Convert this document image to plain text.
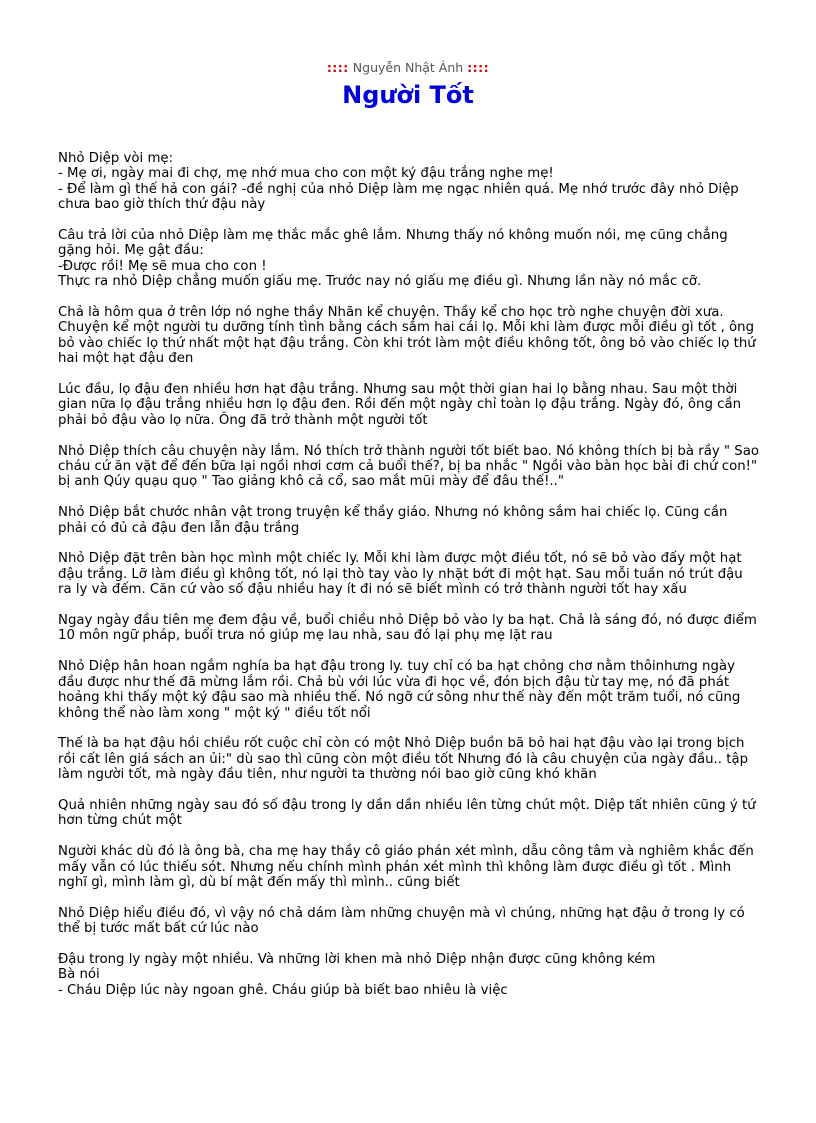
:::: Nguyễn Nhật Ánh ::::
Người Tốt

Nhỏ Diệp vòi mẹ:
- Mẹ ơi, ngày mai đi chợ, mẹ nhớ mua cho con một ký đậu trắng nghe mẹ!
- Để làm gì thế hả con gái? -đề nghị của nhỏ Diệp làm mẹ ngạc nhiên quá. Mẹ nhớ trước đây nhỏ Diệp chưa bao giờ thích thứ đậu này

Câu trả lời của nhỏ Diệp làm mẹ thắc mắc ghê lắm. Nhưng thấy nó không muốn nói, mẹ cũng chẳng gặng hỏi. Mẹ gật đầu:
-Được rồi! Mẹ sẽ mua cho con !
Thực ra nhỏ Diệp chẳng muốn giấu mẹ. Trước nay nó giấu mẹ điều gì. Nhưng lần này nó mắc cỡ.

Chả là hôm qua ở trên lớp nó nghe thầy Nhãn kể chuyện. Thầy kể cho học trò nghe chuyện đời xưa. Chuyện kể một người tu dưỡng tính tình bằng cách sắm hai cái lọ. Mỗi khi làm được mỗi điều gì tốt , ông bỏ vào chiếc lọ thứ nhất một hạt đậu trắng. Còn khi trót làm một điều không tốt, ông bỏ vào chiếc lọ thứ hai một hạt đậu đen

Lúc đầu, lọ đậu đen nhiều hơn hạt đậu trắng. Nhưng sau một thời gian hai lọ bằng nhau. Sau một thời gian nữa lọ đậu trắng nhiều hơn lọ đậu đen. Rồi đến một ngày chỉ toàn lọ đậu trắng. Ngày đó, ông cần phải bỏ đậu vào lọ nữa. Ông đã trở thành một người tốt

Nhỏ Diệp thích câu chuyện này lắm. Nó thích trở thành người tốt biết bao. Nó không thích bị bà rầy " Sao cháu cứ ăn vặt để đến bữa lại ngồi nhơi cơm cả buổi thế?, bị ba nhắc " Ngồi vào bàn học bài đi chứ con!" bị anh Qúy quạu quọ " Tao giảng khô cả cổ, sao mắt mũi mày để đâu thế!.."

Nhỏ Diệp bắt chước nhân vật trong truyện kể thầy giáo. Nhưng nó không sắm hai chiếc lọ. Cũng cần phải có đủ cả đậu đen lẫn đậu trắng

Nhỏ Diệp đặt trên bàn học mình một chiếc ly. Mỗi khi làm được một điều tốt, nó sẽ bỏ vào đấy một hạt đậu trắng. Lỡ làm điều gì không tốt, nó lại thò tay vào ly nhặt bớt đi một hạt. Sau mỗi tuần nó trút đậu ra ly và đếm. Căn cứ vào số đậu nhiều hay ít đi nó sẽ biết mình có trở thành người tốt hay xấu

Ngay ngày đầu tiên mẹ đem đậu về, buổi chiều nhỏ Diệp bỏ vào ly ba hạt. Chả là sáng đó, nó được điểm 10 môn ngữ pháp, buổi trưa nó giúp mẹ lau nhà, sau đó lại phụ mẹ lặt rau

Nhỏ Diệp hân hoan ngắm nghía ba hạt đậu trong ly. tuy chỉ có ba hạt chỏng chơ nằm thôinhưng ngày đầu được như thế đã mừng lắm rồi. Chả bù với lúc vừa đi học về, đón bịch đậu từ tay mẹ, nó đã phát hoảng khi thấy một ký đậu sao mà nhiều thế. Nó ngỡ cứ sông như thế này đến một trăm tuổi, nó cũng không thể nào làm xong " một ký " điều tốt nổi

Thế là ba hạt đậu hồi chiều rốt cuộc chỉ còn có một Nhỏ Diệp buồn bã bỏ hai hạt đậu vào lại trong bịch rồi cất lên giá sách an ủi:" dù sao thì cũng còn một điều tốt Nhưng đó là câu chuyện của ngày đầu.. tập làm người tốt, mà ngày đầu tiên, như người ta thường nói bao giờ cũng khó khăn

Quả nhiên những ngày sau đó số đậu trong ly dần dần nhiều lên từng chút một. Diệp tất nhiên cũng ý tứ hơn từng chút một

Người khác dù đó là ông bà, cha mẹ hay thầy cô giáo phán xét mình, dẫu công tâm và nghiêm khắc đến mấy vẫn có lúc thiếu sót. Nhưng nếu chính mình phán xét mình thì không làm được điều gì tốt . Mình nghĩ gì, mình làm gì, dù bí mật đến mấy thì mình.. cũng biết

Nhỏ Diệp hiểu điều đó, vì vậy nó chả dám làm những chuyện mà vì chúng, những hạt đậu ở trong ly có thể bị tước mất bất cứ lúc nào

Đậu trong ly ngày một nhiều. Và những lời khen mà nhỏ Diệp nhận được cũng không kém
Bà nói
- Cháu Diệp lúc này ngoan ghê. Cháu giúp bà biết bao nhiêu là việc
